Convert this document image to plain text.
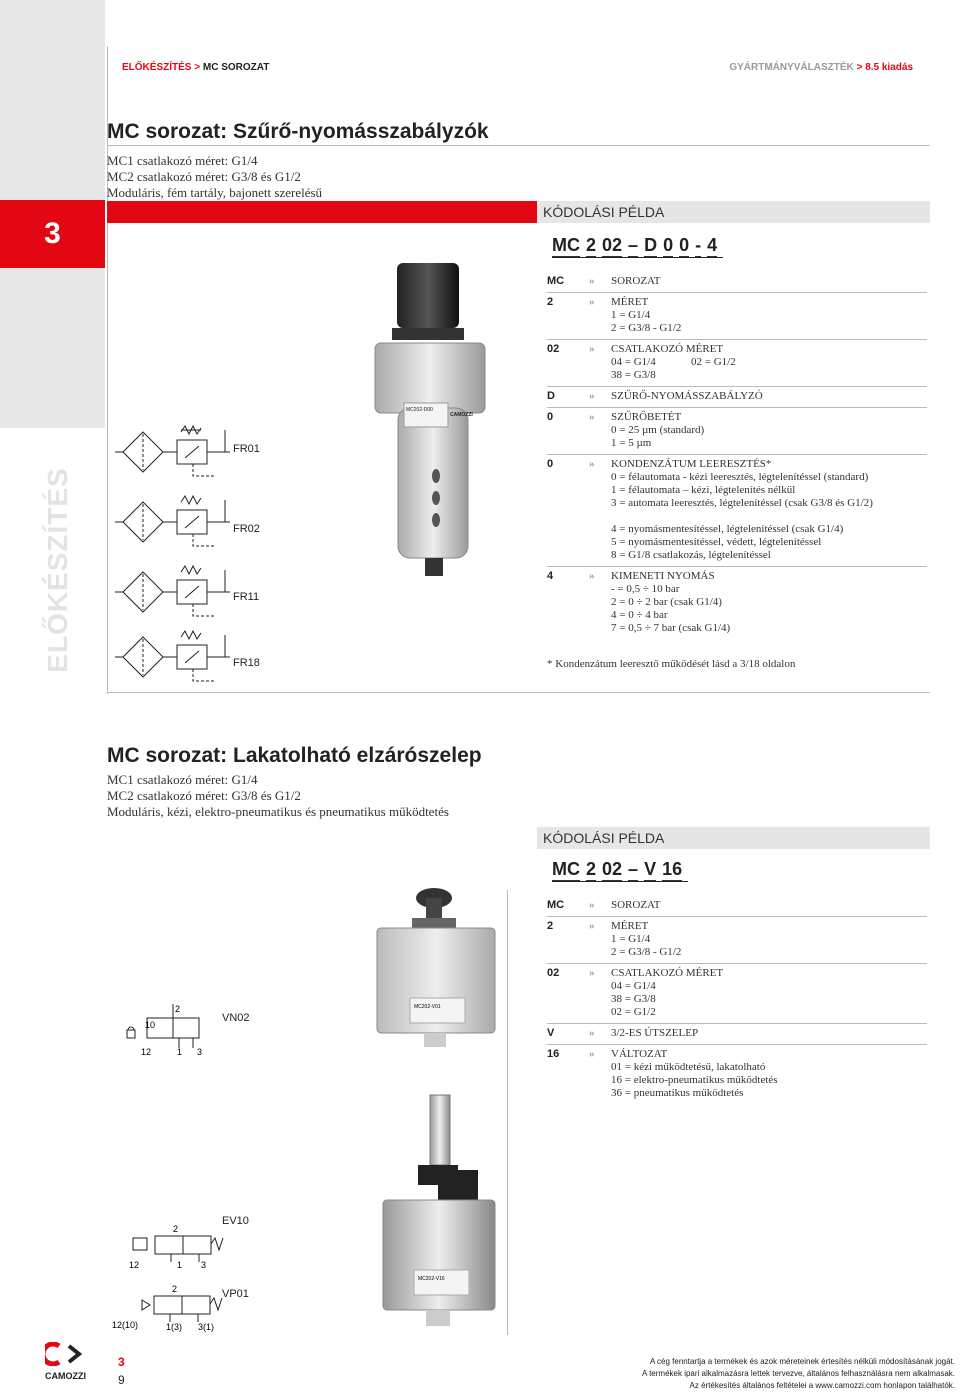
3
ELŐKÉSZÍTÉS
ELŐKÉSZÍTÉS > MC SOROZAT	GYÁRTMÁNYVÁLASZTÉK > 8.5 kiadás
MC sorozat: Szűrő-nyomásszabályzók
MC1 csatlakozó méret: G1/4
MC2 csatlakozó méret: G3/8 és G1/2
Moduláris, fém tartály, bajonett szerelésű
KÓDOLÁSI PÉLDA
MC 2 02 – D 0 0 - 4
FR01
FR02
FR11
FR18
MC202-D00
CAMOZZI
MC	»	SOROZAT
2	»	MÉRET
1 = G1/4
2 = G3/8 - G1/2
02	»	CSATLAKOZÓ MÉRET
04 = G1/4
38 = G3/8
02 = G1/2
D	»	SZŰRŐ-NYOMÁSSZABÁLYZÓ
0	»	SZŰRŐBETÉT
0 = 25 µm (standard)
1 = 5 µm
0	»	KONDENZÁTUM LEERESZTÉS*
0 = félautomata - kézi leeresztés, légtelenítéssel (standard)
1 = félautomata – kézi, légtelenítés nélkül
3 = automata leeresztés, légtelenítéssel (csak G3/8 és G1/2)
4 = nyomásmentesítéssel, légtelenítéssel (csak G1/4)
5 = nyomásmentesítéssel, védett, légtelenítéssel
8 = G1/8 csatlakozás, légtelenítéssel
4	»	KIMENETI NYOMÁS
- = 0,5 ÷ 10 bar
2 = 0 ÷ 2 bar (csak G1/4)
4 = 0 ÷ 4 bar
7 = 0,5 ÷ 7 bar (csak G1/4)
* Kondenzátum leeresztő működését lásd a 3/18 oldalon
MC sorozat: Lakatolható elzárószelep
MC1 csatlakozó méret: G1/4
MC2 csatlakozó méret: G3/8 és G1/2
Moduláris, kézi, elektro-pneumatikus és pneumatikus működtetés
KÓDOLÁSI PÉLDA
MC 2 02 – V 16
10
2
12	1 3
VN02
2
12	1 3
EV10
2
12(10)	1(3) 3(1)
VP01
MC202-V01
MC202-V16
MC	»	SOROZAT
2	»	MÉRET
1 = G1/4
2 = G3/8 - G1/2
02	»	CSATLAKOZÓ MÉRET
04 = G1/4
38 = G3/8
02 = G1/2
V	»	3/2-ES ÚTSZELEP
16	»	VÁLTOZAT
01 = kézi működtetésű, lakatolható
16 = elektro-pneumatikus működtetés
36 = pneumatikus működtetés
CAMOZZI
3
9
A cég fenntartja a termékek és azok méreteinek értesítés nélküli módosításának jogát.
A termékek ipari alkalmazásra lettek tervezve, általános felhasználásra nem alkalmasak.
Az értékesítés általános feltételei a www.camozzi.com honlapon találhatók.
